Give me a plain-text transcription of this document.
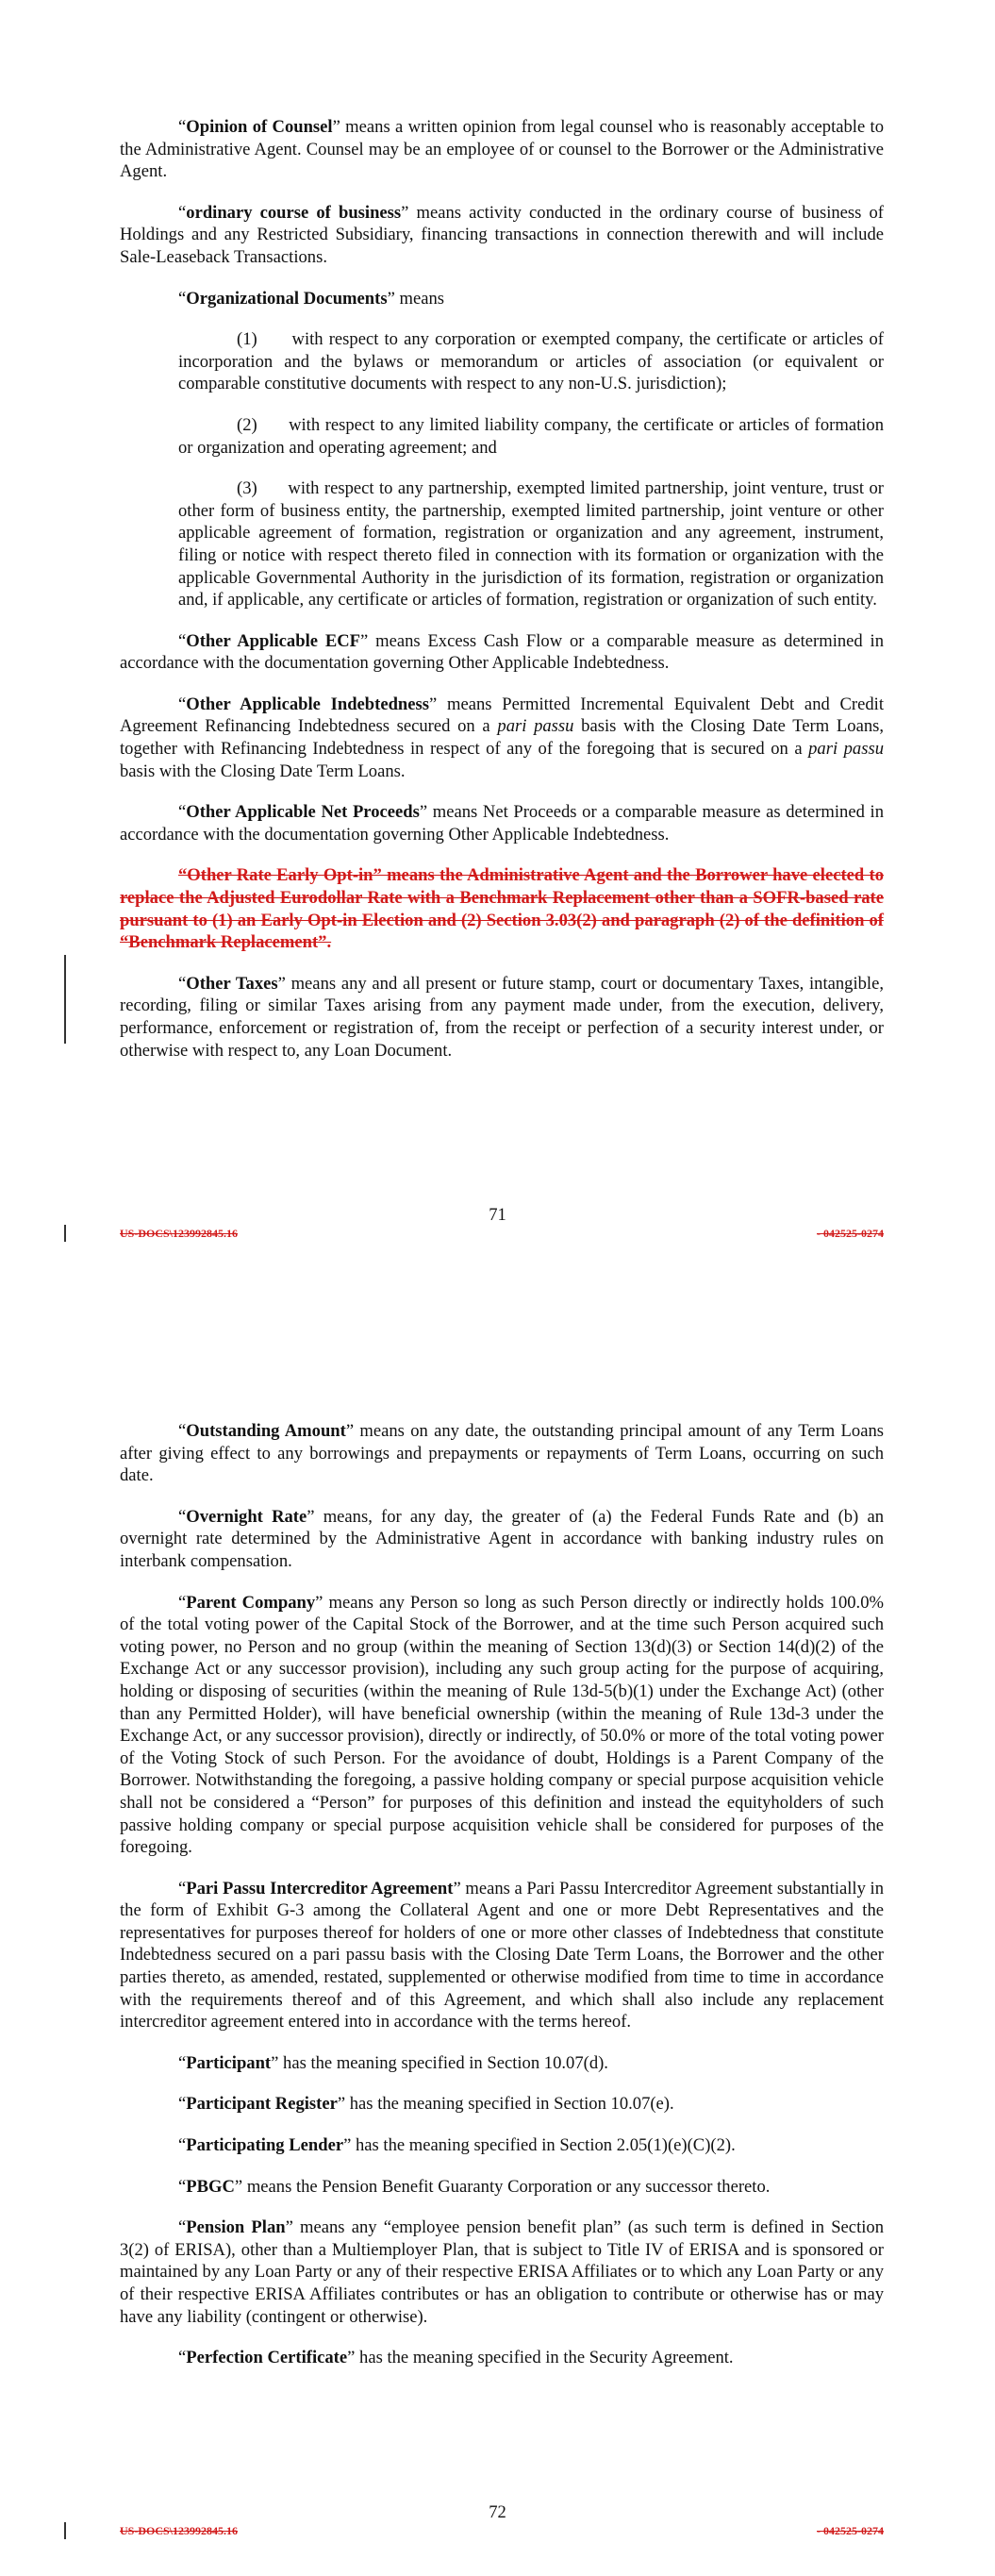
“Opinion of Counsel” means a written opinion from legal counsel who is reasonably acceptable to the Administrative Agent. Counsel may be an employee of or counsel to the Borrower or the Administrative Agent.

“ordinary course of business” means activity conducted in the ordinary course of business of Holdings and any Restricted Subsidiary, financing transactions in connection therewith and will include Sale-Leaseback Transactions.

“Organizational Documents” means

(1)      with respect to any corporation or exempted company, the certificate or articles of incorporation and the bylaws or memorandum or articles of association (or equivalent or comparable constitutive documents with respect to any non-U.S. jurisdiction);

(2)      with respect to any limited liability company, the certificate or articles of formation or organization and operating agreement; and

(3)      with respect to any partnership, exempted limited partnership, joint venture, trust or other form of business entity, the partnership, exempted limited partnership, joint venture or other applicable agreement of formation, registration or organization and any agreement, instrument, filing or notice with respect thereto filed in connection with its formation or organization with the applicable Governmental Authority in the jurisdiction of its formation, registration or organization and, if applicable, any certificate or articles of formation, registration or organization of such entity.

“Other Applicable ECF” means Excess Cash Flow or a comparable measure as determined in accordance with the documentation governing Other Applicable Indebtedness.

“Other Applicable Indebtedness” means Permitted Incremental Equivalent Debt and Credit Agreement Refinancing Indebtedness secured on a pari passu basis with the Closing Date Term Loans, together with Refinancing Indebtedness in respect of any of the foregoing that is secured on a pari passu basis with the Closing Date Term Loans.

“Other Applicable Net Proceeds” means Net Proceeds or a comparable measure as determined in accordance with the documentation governing Other Applicable Indebtedness.

“Other Rate Early Opt-in” means the Administrative Agent and the Borrower have elected to replace the Adjusted Eurodollar Rate with a Benchmark Replacement other than a SOFR-based rate pursuant to (1) an Early Opt-in Election and (2) Section 3.03(2) and paragraph (2) of the definition of “Benchmark Replacement”.

“Other Taxes” means any and all present or future stamp, court or documentary Taxes, intangible, recording, filing or similar Taxes arising from any payment made under, from the execution, delivery, performance, enforcement or registration of, from the receipt or perfection of a security interest under, or otherwise with respect to, any Loan Document.

71
US-DOCS\123992845.16	- 042525-0274

“Outstanding Amount” means on any date, the outstanding principal amount of any Term Loans after giving effect to any borrowings and prepayments or repayments of Term Loans, occurring on such date.

“Overnight Rate” means, for any day, the greater of (a) the Federal Funds Rate and (b) an overnight rate determined by the Administrative Agent in accordance with banking industry rules on interbank compensation.

“Parent Company” means any Person so long as such Person directly or indirectly holds 100.0% of the total voting power of the Capital Stock of the Borrower, and at the time such Person acquired such voting power, no Person and no group (within the meaning of Section 13(d)(3) or Section 14(d)(2) of the Exchange Act or any successor provision), including any such group acting for the purpose of acquiring, holding or disposing of securities (within the meaning of Rule 13d-5(b)(1) under the Exchange Act) (other than any Permitted Holder), will have beneficial ownership (within the meaning of Rule 13d-3 under the Exchange Act, or any successor provision), directly or indirectly, of 50.0% or more of the total voting power of the Voting Stock of such Person. For the avoidance of doubt, Holdings is a Parent Company of the Borrower. Notwithstanding the foregoing, a passive holding company or special purpose acquisition vehicle shall not be considered a “Person” for purposes of this definition and instead the equityholders of such passive holding company or special purpose acquisition vehicle shall be considered for purposes of the foregoing.

“Pari Passu Intercreditor Agreement” means a Pari Passu Intercreditor Agreement substantially in the form of Exhibit G-3 among the Collateral Agent and one or more Debt Representatives and the representatives for purposes thereof for holders of one or more other classes of Indebtedness that constitute Indebtedness secured on a pari passu basis with the Closing Date Term Loans, the Borrower and the other parties thereto, as amended, restated, supplemented or otherwise modified from time to time in accordance with the requirements thereof and of this Agreement, and which shall also include any replacement intercreditor agreement entered into in accordance with the terms hereof.

“Participant” has the meaning specified in Section 10.07(d).

“Participant Register” has the meaning specified in Section 10.07(e).

“Participating Lender” has the meaning specified in Section 2.05(1)(e)(C)(2).

“PBGC” means the Pension Benefit Guaranty Corporation or any successor thereto.

“Pension Plan” means any “employee pension benefit plan” (as such term is defined in Section 3(2) of ERISA), other than a Multiemployer Plan, that is subject to Title IV of ERISA and is sponsored or maintained by any Loan Party or any of their respective ERISA Affiliates or to which any Loan Party or any of their respective ERISA Affiliates contributes or has an obligation to contribute or otherwise has or may have any liability (contingent or otherwise).

“Perfection Certificate” has the meaning specified in the Security Agreement.

72
US-DOCS\123992845.16	- 042525-0274
